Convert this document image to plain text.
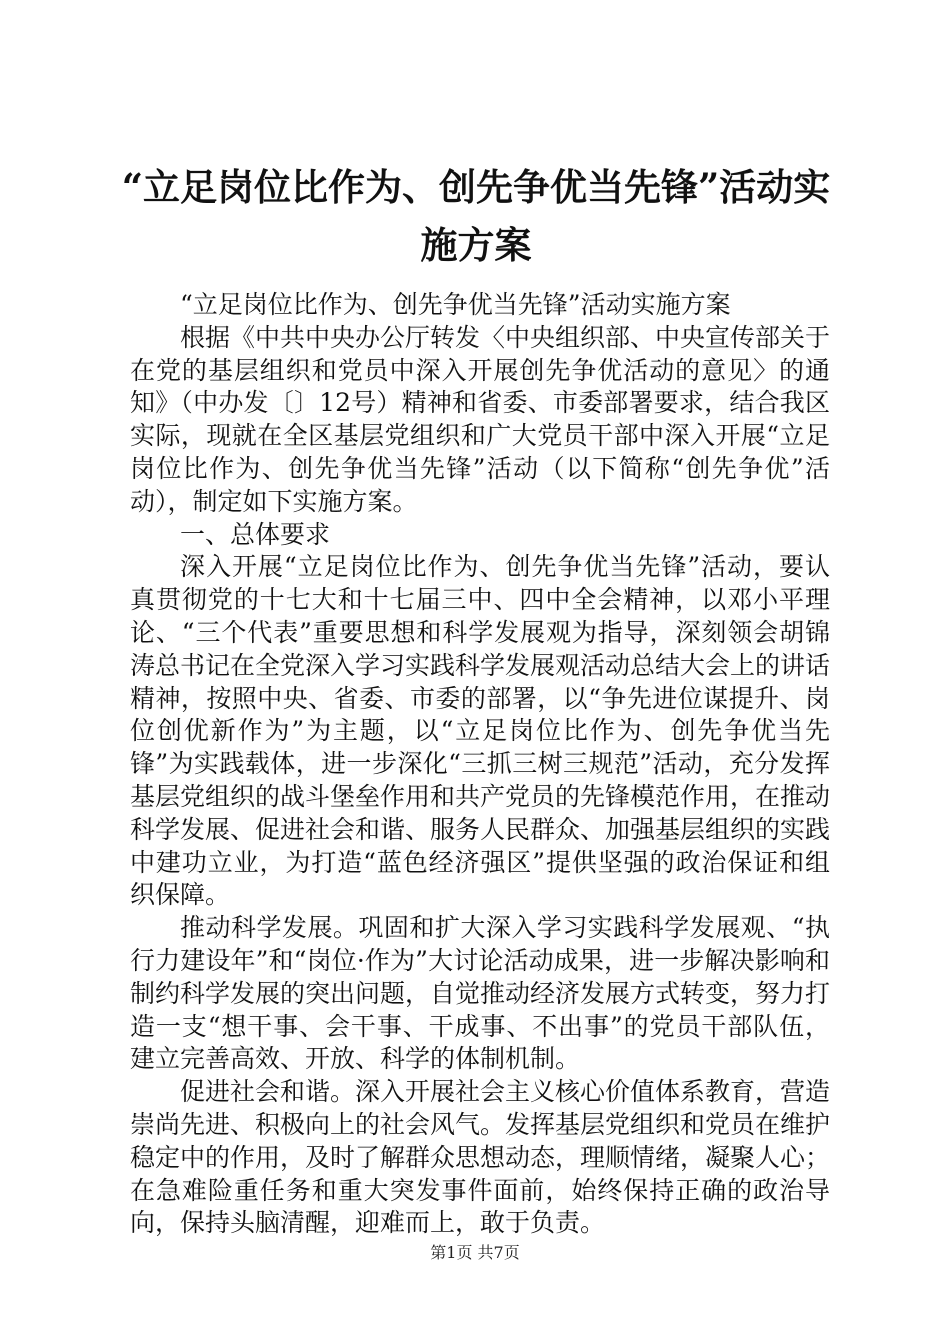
“立足岗位比作为、创先争优当先锋”活动实施方案

“立足岗位比作为、创先争优当先锋”活动实施方案

根据《中共中央办公厅转发〈中央组织部、中央宣传部关于在党的基层组织和党员中深入开展创先争优活动的意见〉的通知》（中办发〔〕12号）精神和省委、市委部署要求，结合我区实际，现就在全区基层党组织和广大党员干部中深入开展“立足岗位比作为、创先争优当先锋”活动（以下简称“创先争优”活动），制定如下实施方案。

一、总体要求

深入开展“立足岗位比作为、创先争优当先锋”活动，要认真贯彻党的十七大和十七届三中、四中全会精神，以邓小平理论、“三个代表”重要思想和科学发展观为指导，深刻领会胡锦涛总书记在全党深入学习实践科学发展观活动总结大会上的讲话精神，按照中央、省委、市委的部署，以“争先进位谋提升、岗位创优新作为”为主题，以“立足岗位比作为、创先争优当先锋”为实践载体，进一步深化“三抓三树三规范”活动，充分发挥基层党组织的战斗堡垒作用和共产党员的先锋模范作用，在推动科学发展、促进社会和谐、服务人民群众、加强基层组织的实践中建功立业，为打造“蓝色经济强区”提供坚强的政治保证和组织保障。

推动科学发展。巩固和扩大深入学习实践科学发展观、“执行力建设年”和“岗位·作为”大讨论活动成果，进一步解决影响和制约科学发展的突出问题，自觉推动经济发展方式转变，努力打造一支“想干事、会干事、干成事、不出事”的党员干部队伍，建立完善高效、开放、科学的体制机制。

促进社会和谐。深入开展社会主义核心价值体系教育，营造崇尚先进、积极向上的社会风气。发挥基层党组织和党员在维护稳定中的作用，及时了解群众思想动态，理顺情绪，凝聚人心；在急难险重任务和重大突发事件面前，始终保持正确的政治导向，保持头脑清醒，迎难而上，敢于负责。

第1页 共7页
